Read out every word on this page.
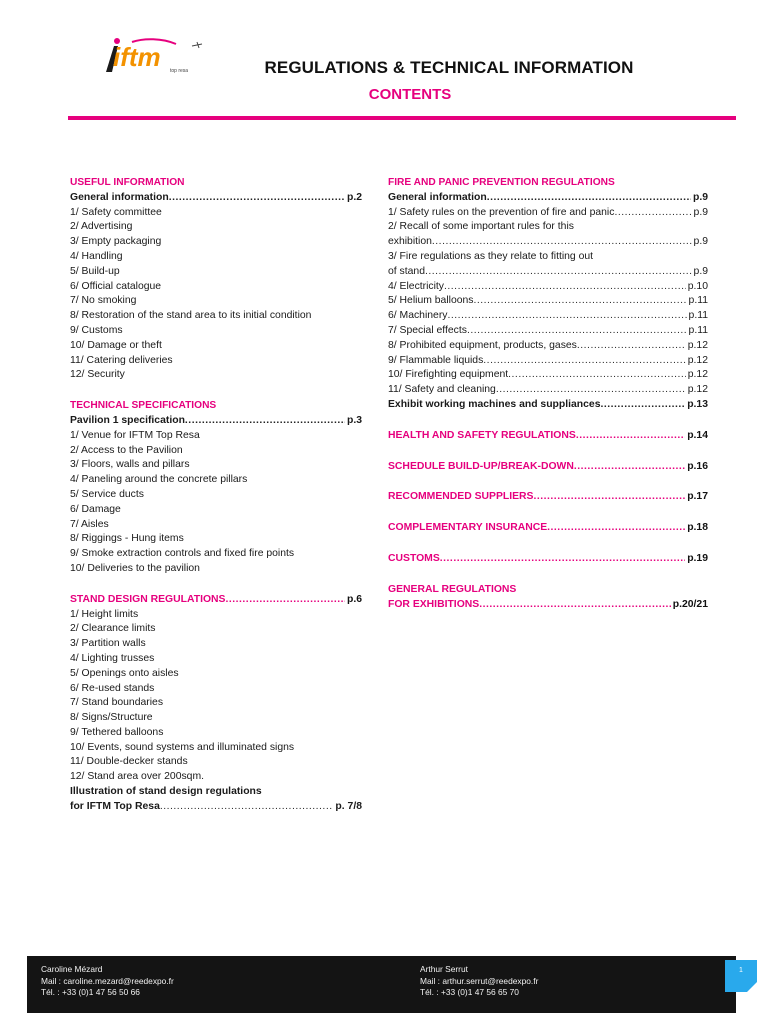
iftm top resa	REGULATIONS & TECHNICAL INFORMATION
CONTENTS
USEFUL INFORMATION
General information .....	p.2
1/ Safety committee
2/ Advertising
3/ Empty packaging
4/ Handling
5/ Build-up
6/ Official catalogue
7/ No smoking
8/ Restoration of the stand area to its initial condition
9/ Customs
10/ Damage or theft
11/ Catering deliveries
12/ Security
TECHNICAL SPECIFICATIONS
Pavilion 1 specification .....	p.3
1/ Venue for IFTM Top Resa
2/ Access to the Pavilion
3/ Floors, walls and pillars
4/ Paneling around the concrete pillars
5/ Service ducts
6/ Damage
7/ Aisles
8/ Riggings - Hung items
9/ Smoke extraction controls and fixed fire points
10/ Deliveries to the pavilion
STAND DESIGN REGULATIONS .....	p.6
1/ Height limits
2/ Clearance limits
3/ Partition walls
4/ Lighting trusses
5/ Openings onto aisles
6/ Re-used stands
7/ Stand boundaries
8/ Signs/Structure
9/ Tethered balloons
10/ Events, sound systems and illuminated signs
11/ Double-decker stands
12/ Stand area over 200sqm.
Illustration of stand design regulations
for IFTM Top Resa .....	p. 7/8
FIRE AND PANIC PREVENTION REGULATIONS
General information .....	p.9
1/ Safety rules on the prevention of fire and panic .....	p.9
2/ Recall of some important rules for this
exhibition .....	p.9
3/ Fire regulations as they relate to fitting out
of stand .....	p.9
4/ Electricity .....	p.10
5/ Helium balloons .....	p.11
6/ Machinery .....	p.11
7/ Special effects .....	p.11
8/ Prohibited equipment, products, gases .....	p.12
9/ Flammable liquids .....	p.12
10/ Firefighting equipment .....	p.12
11/ Safety and cleaning .....	p.12
Exhibit working machines and suppliances .....	p.13
HEALTH AND SAFETY REGULATIONS .....	p.14
SCHEDULE BUILD-UP/BREAK-DOWN .....	p.16
RECOMMENDED SUPPLIERS .....	p.17
COMPLEMENTARY INSURANCE .....	p.18
CUSTOMS .....	p.19
GENERAL REGULATIONS
FOR EXHIBITIONS .....	p.20/21
Caroline Mézard
Mail : caroline.mezard@reedexpo.fr
Tél. : +33 (0)1 47 56 50 66
Arthur Serrut
Mail : arthur.serrut@reedexpo.fr
Tél. : +33 (0)1 47 56 65 70
1
